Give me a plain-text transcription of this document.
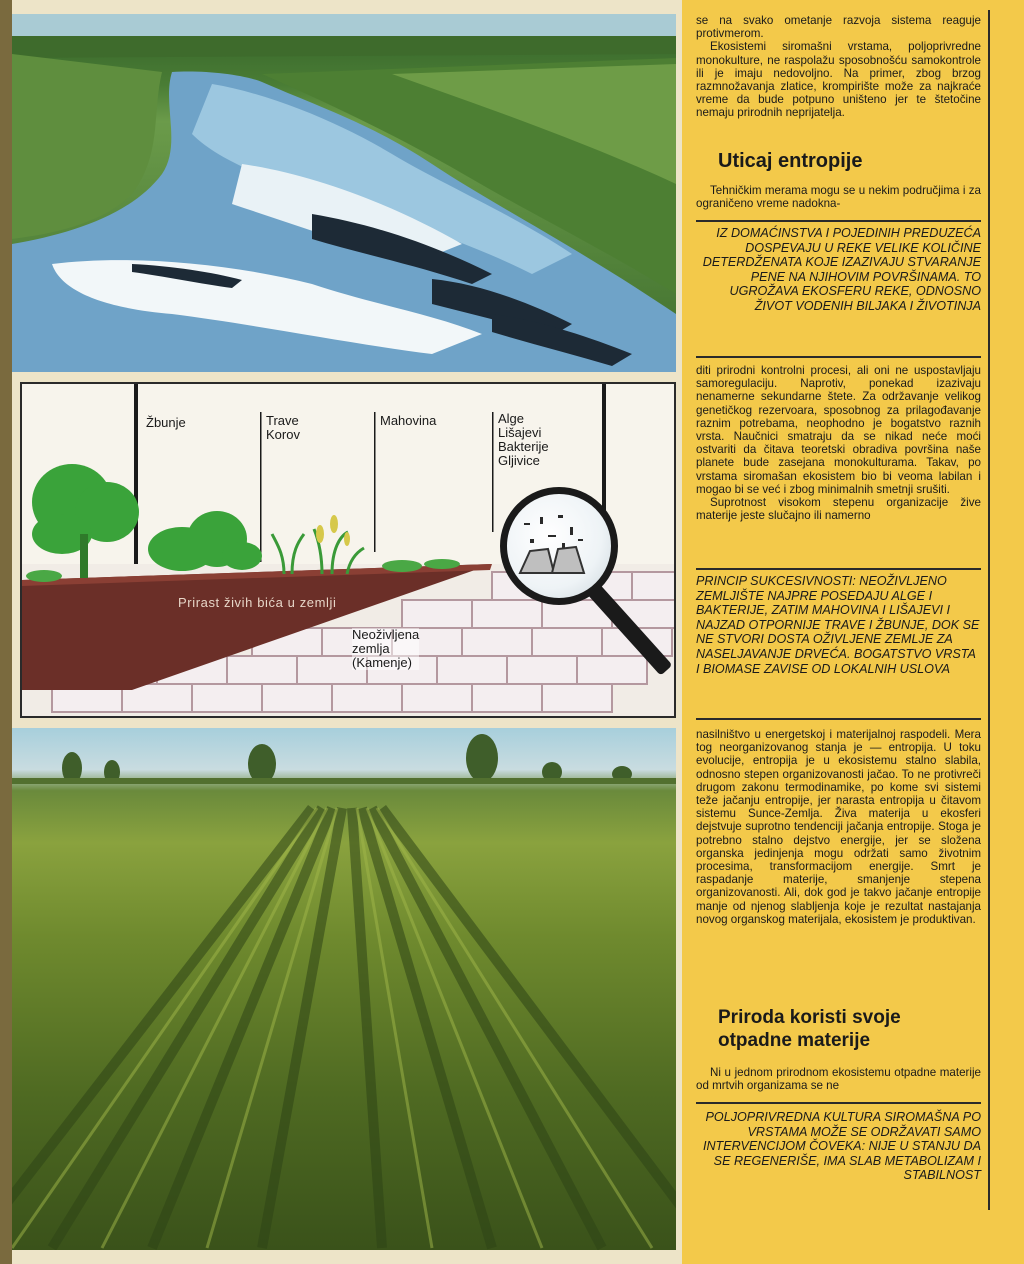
Žbunje	Trave
Korov
Mahovina	Alge
Lišajevi
Bakterije
Gljivice
Prirast živih bića u zemlji
Neoživljena
zemlja
(Kamenje)

se na svako ometanje razvoja sistema reaguje protivmerom.

Ekosistemi siromašni vrstama, poljoprivredne monokulture, ne raspolažu sposobnošću samokontrole ili je imaju nedovoljno. Na primer, zbog brzog razmnožavanja zlatice, krompirište može za najkraće vreme da bude potpuno uništeno jer te štetočine nemaju prirodnih neprijatelja.

Uticaj entropije

Tehničkim merama mogu se u nekim područjima i za ograničeno vreme nadokna-

IZ DOMAĆINSTVA I POJEDINIH PREDUZEĆA DOSPEVAJU U REKE VELIKE KOLIČINE DETERDŽENATA KOJE IZAZIVAJU STVARANJE PENE NA NJIHOVIM POVRŠINAMA. TO UGROŽAVA EKOSFERU REKE, ODNOSNO ŽIVOT VODENIH BILJAKA I ŽIVOTINJA

diti prirodni kontrolni procesi, ali oni ne uspostavljaju samoregulaciju. Naprotiv, ponekad izazivaju nenamerne sekundarne štete. Za održavanje velikog genetičkog rezervoara, sposobnog za prilagođavanje raznim potrebama, neophodno je bogatstvo raznih vrsta. Naučnici smatraju da se nikad neće moći ostvariti da čitava teoretski obradiva površina naše planete bude zasejana monokulturama. Takav, po vrstama siromašan ekosistem bio bi veoma labilan i mogao bi se već i zbog minimalnih smetnji srušiti.

Suprotnost visokom stepenu organizacije žive materije jeste slučajno ili namerno

PRINCIP SUKCESIVNOSTI: NEOŽIVLJENO ZEMLJIŠTE NAJPRE POSEDAJU ALGE I BAKTERIJE, ZATIM MAHOVINA I LIŠAJEVI I NAJZAD OTPORNIJE TRAVE I ŽBUNJE, DOK SE NE STVORI DOSTA OŽIVLJENE ZEMLJE ZA NASELJAVANJE DRVEĆA. BOGATSTVO VRSTA I BIOMASE ZAVISE OD LOKALNIH USLOVA

nasilništvo u energetskoj i materijalnoj raspodeli. Mera tog neorganizovanog stanja je — entropija. U toku evolucije, entropija je u ekosistemu stalno slabila, odnosno stepen organizovanosti jačao. To ne protivreči drugom zakonu termodinamike, po kome svi sistemi teže jačanju entropije, jer narasta entropija u čitavom sistemu Sunce-Zemlja. Živa materija u ekosferi dejstvuje suprotno tendenciji jačanja entropije. Stoga je potrebno stalno dejstvo energije, jer se složena organska jedinjenja mogu održati samo životnim procesima, transformacijom energije. Smrt je raspadanje materije, smanjenje stepena organizovanosti. Ali, dok god je takvo jačanje entropije manje od njenog slabljenja koje je rezultat nastajanja novog organskog materijala, ekosistem je produktivan.

Priroda koristi svoje
otpadne materije

Ni u jednom prirodnom ekosistemu otpadne materije od mrtvih organizama se ne

POLJOPRIVREDNA KULTURA SIROMAŠNA PO VRSTAMA MOŽE SE ODRŽAVATI SAMO INTERVENCIJOM ČOVEKA: NIJE U STANJU DA SE REGENERIŠE, IMA SLAB METABOLIZAM I STABILNOST
